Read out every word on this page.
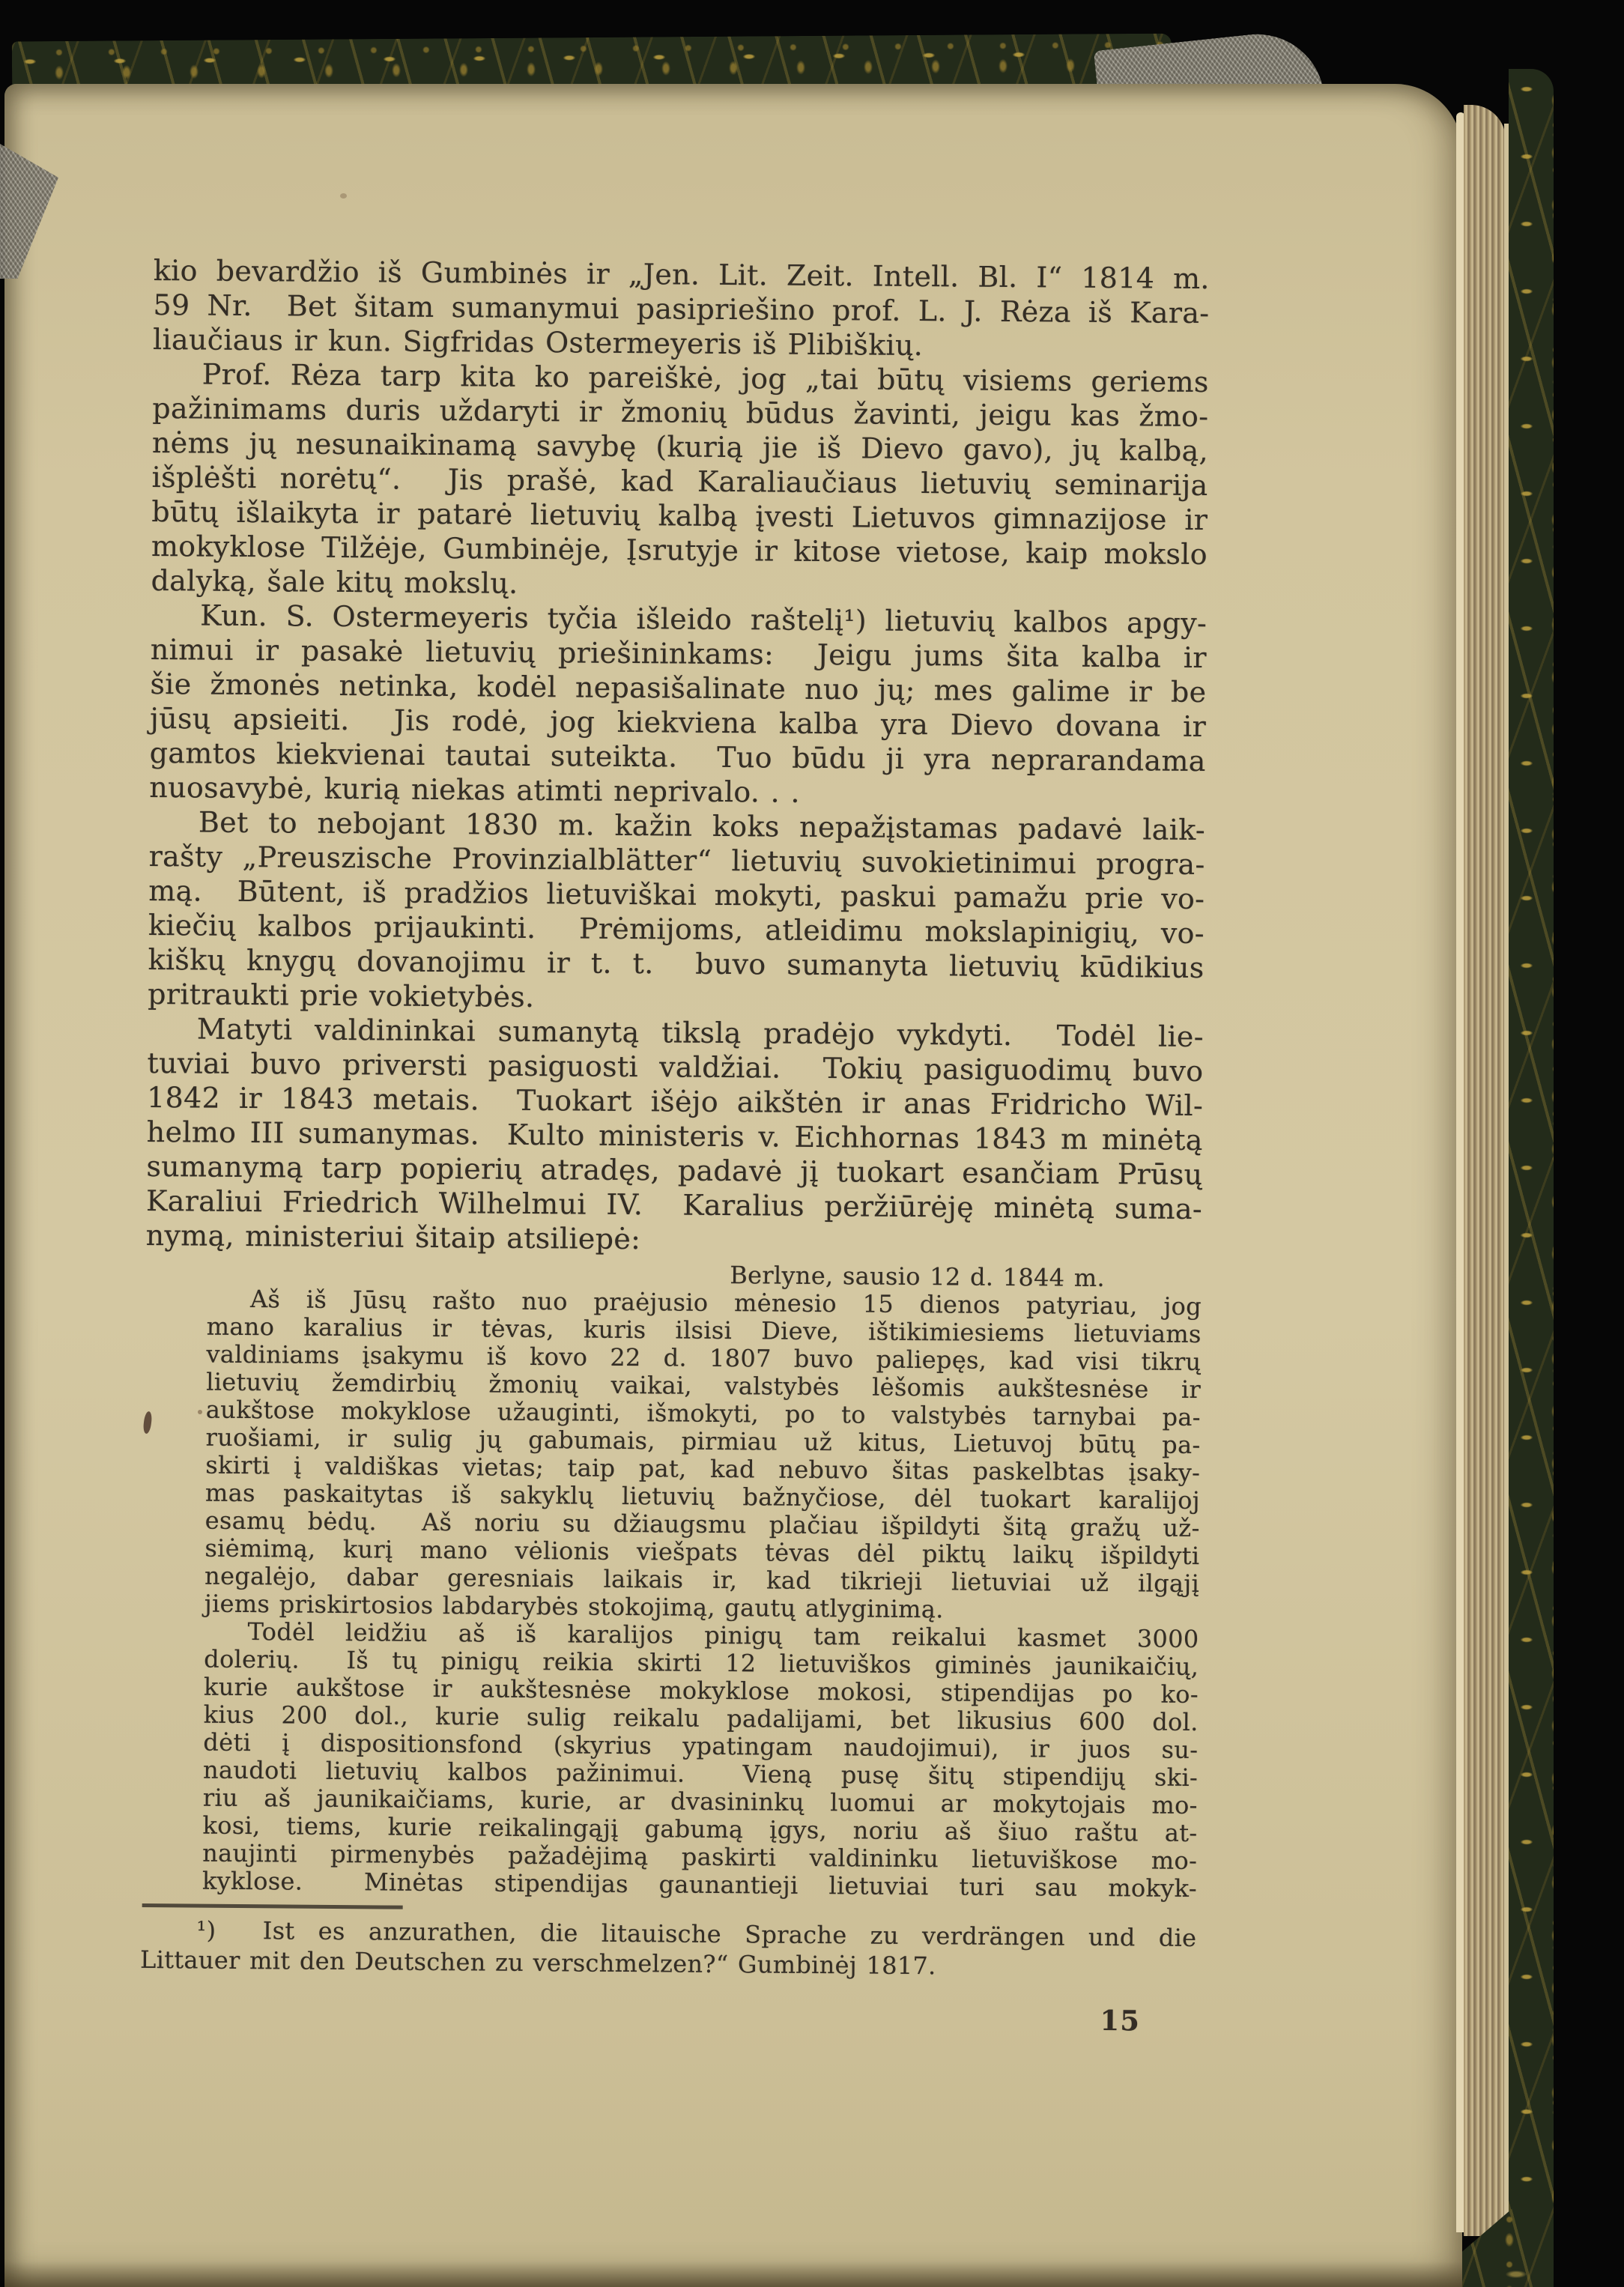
kio bevardžio iš Gumbinės ir „Jen. Lit. Zeit. Intell. Bl. I“ 1814 m.
59 Nr.  Bet šitam sumanymui pasipriešino prof. L. J. Rėza iš Kara-
liaučiaus ir kun. Sigfridas Ostermeyeris iš Plibiškių.
Prof. Rėza tarp kita ko pareiškė, jog „tai būtų visiems geriems
pažinimams duris uždaryti ir žmonių būdus žavinti, jeigu kas žmo-
nėms jų nesunaikinamą savybę (kurią jie iš Dievo gavo), jų kalbą,
išplėšti norėtų“.  Jis prašė, kad Karaliaučiaus lietuvių seminarija
būtų išlaikyta ir patarė lietuvių kalbą įvesti Lietuvos gimnazijose ir
mokyklose Tilžėje, Gumbinėje, Įsrutyje ir kitose vietose, kaip mokslo
dalyką, šale kitų mokslų.
Kun. S. Ostermeyeris tyčia išleido raštelį¹) lietuvių kalbos apgy-
nimui ir pasakė lietuvių priešininkams:  Jeigu jums šita kalba ir
šie žmonės netinka, kodėl nepasišalinate nuo jų; mes galime ir be
jūsų apsieiti.  Jis rodė, jog kiekviena kalba yra Dievo dovana ir
gamtos kiekvienai tautai suteikta.  Tuo būdu ji yra neprarandama
nuosavybė, kurią niekas atimti neprivalo. . .
Bet to nebojant 1830 m. kažin koks nepažįstamas padavė laik-
rašty „Preuszische Provinzialblätter“ lietuvių suvokietinimui progra-
mą.  Būtent, iš pradžios lietuviškai mokyti, paskui pamažu prie vo-
kiečių kalbos prijaukinti.  Prėmijoms, atleidimu mokslapinigių, vo-
kiškų knygų dovanojimu ir t. t.  buvo sumanyta lietuvių kūdikius
pritraukti prie vokietybės.
Matyti valdininkai sumanytą tikslą pradėjo vykdyti.  Todėl lie-
tuviai buvo priversti pasiguosti valdžiai.  Tokių pasiguodimų buvo
1842 ir 1843 metais.  Tuokart išėjo aikštėn ir anas Fridricho Wil-
helmo III sumanymas.  Kulto ministeris v. Eichhornas 1843 m minėtą
sumanymą tarp popierių atradęs, padavė jį tuokart esančiam Prūsų
Karaliui Friedrich Wilhelmui IV.  Karalius peržiūrėję minėtą suma-
nymą, ministeriui šitaip atsiliepė:
Berlyne, sausio 12 d. 1844 m.
Aš iš Jūsų rašto nuo praėjusio mėnesio 15 dienos patyriau, jog
mano karalius ir tėvas, kuris ilsisi Dieve, ištikimiesiems lietuviams
valdiniams įsakymu iš kovo 22 d. 1807 buvo paliepęs, kad visi tikrų
lietuvių žemdirbių žmonių vaikai, valstybės lėšomis aukštesnėse ir
aukštose mokyklose užauginti, išmokyti, po to valstybės tarnybai pa-
ruošiami, ir sulig jų gabumais, pirmiau už kitus, Lietuvoj būtų pa-
skirti į valdiškas vietas; taip pat, kad nebuvo šitas paskelbtas įsaky-
mas paskaitytas iš sakyklų lietuvių bažnyčiose, dėl tuokart karalijoj
esamų bėdų.  Aš noriu su džiaugsmu plačiau išpildyti šitą gražų už-
siėmimą, kurį mano vėlionis viešpats tėvas dėl piktų laikų išpildyti
negalėjo, dabar geresniais laikais ir, kad tikrieji lietuviai už ilgąjį
jiems priskirtosios labdarybės stokojimą, gautų atlyginimą.
Todėl leidžiu aš iš karalijos pinigų tam reikalui kasmet 3000
dolerių.  Iš tų pinigų reikia skirti 12 lietuviškos giminės jaunikaičių,
kurie aukštose ir aukštesnėse mokyklose mokosi, stipendijas po ko-
kius 200 dol., kurie sulig reikalu padalijami, bet likusius 600 dol.
dėti į dispositionsfond (skyrius ypatingam naudojimui), ir juos su-
naudoti lietuvių kalbos pažinimui.  Vieną pusę šitų stipendijų ski-
riu aš jaunikaičiams, kurie, ar dvasininkų luomui ar mokytojais mo-
kosi, tiems, kurie reikalingąjį gabumą įgys, noriu aš šiuo raštu at-
naujinti pirmenybės pažadėjimą paskirti valdininku lietuviškose mo-
kyklose.  Minėtas stipendijas gaunantieji lietuviai turi sau mokyk-
¹)  Ist es anzurathen, die litauische Sprache zu verdrängen und die
Littauer mit den Deutschen zu verschmelzen?“ Gumbinėj 1817.
15
